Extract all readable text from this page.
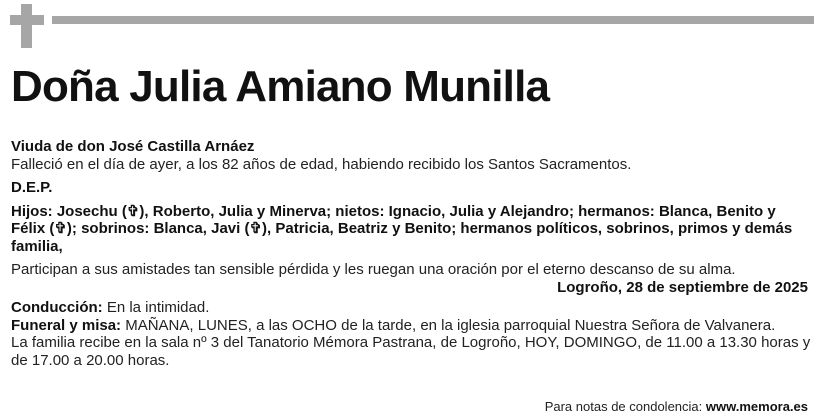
Doña Julia Amiano Munilla

Viuda de don José Castilla Arnáez

Falleció en el día de ayer, a los 82 años de edad, habiendo recibido los Santos Sacramentos.

D.E.P.

Hijos: Josechu (✞), Roberto, Julia y Minerva; nietos: Ignacio, Julia y Alejandro; hermanos: Blanca, Benito y Félix (✞); sobrinos: Blanca, Javi (✞), Patricia, Beatriz y Benito; hermanos políticos, sobrinos, primos y demás familia,

Participan a sus amistades tan sensible pérdida y les ruegan una oración por el eterno descanso de su alma.

Logroño, 28 de septiembre de 2025

Conducción: En la intimidad.

Funeral y misa: MAÑANA, LUNES, a las OCHO de la tarde, en la iglesia parroquial Nuestra Señora de Valvanera.

La familia recibe en la sala nº 3 del Tanatorio Mémora Pastrana, de Logroño, HOY, DOMINGO, de 11.00 a 13.30 horas y de 17.00 a 20.00 horas.

Para notas de condolencia: www.memora.es
